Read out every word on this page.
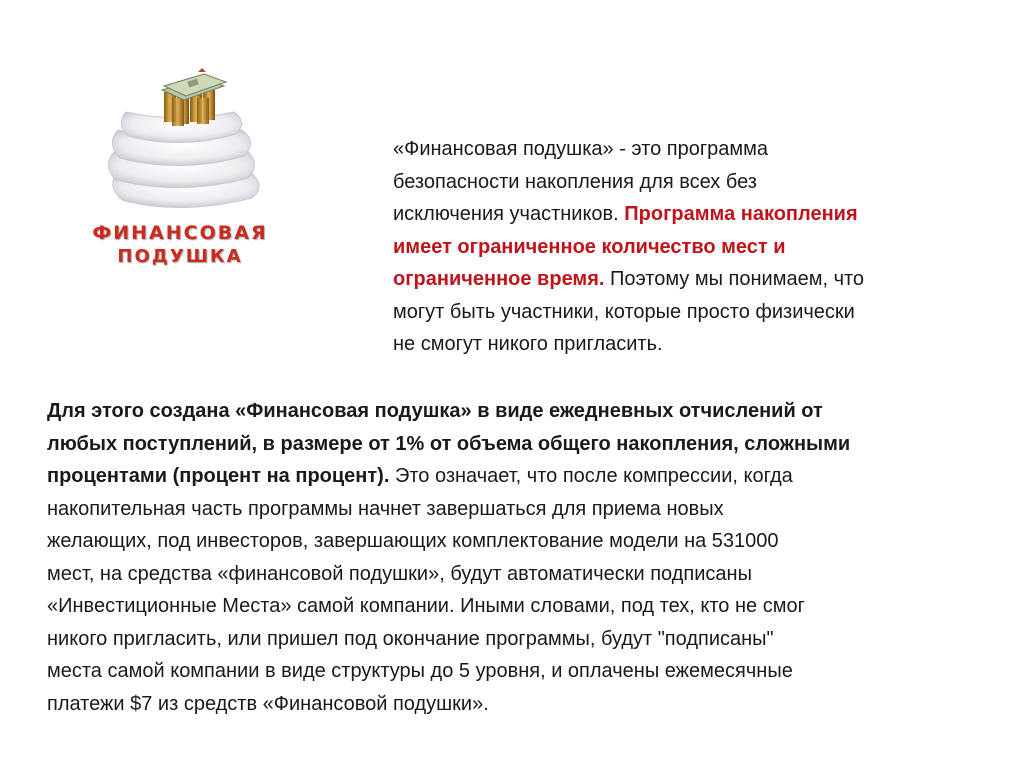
ФИНАНСОВАЯ
ПОДУШКА
«Финансовая подушка» - это программа
безопасности накопления для всех без
исключения участников. Программа накопления
имеет ограниченное количество мест и
ограниченное время. Поэтому мы понимаем, что
могут быть участники, которые просто физически
не смогут никого пригласить.
Для этого создана «Финансовая подушка» в виде ежедневных отчислений от
любых поступлений, в размере от 1% от объема общего накопления, сложными
процентами (процент на процент). Это означает, что после компрессии, когда
накопительная часть программы начнет завершаться для приема новых
желающих, под инвесторов, завершающих комплектование модели на 531000
мест, на средства «финансовой подушки», будут автоматически подписаны
«Инвестиционные Места» самой компании. Иными словами, под тех, кто не смог
никого пригласить, или пришел под окончание программы, будут "подписаны"
места самой компании в виде структуры до 5 уровня, и оплачены ежемесячные
платежи $7 из средств «Финансовой подушки».
